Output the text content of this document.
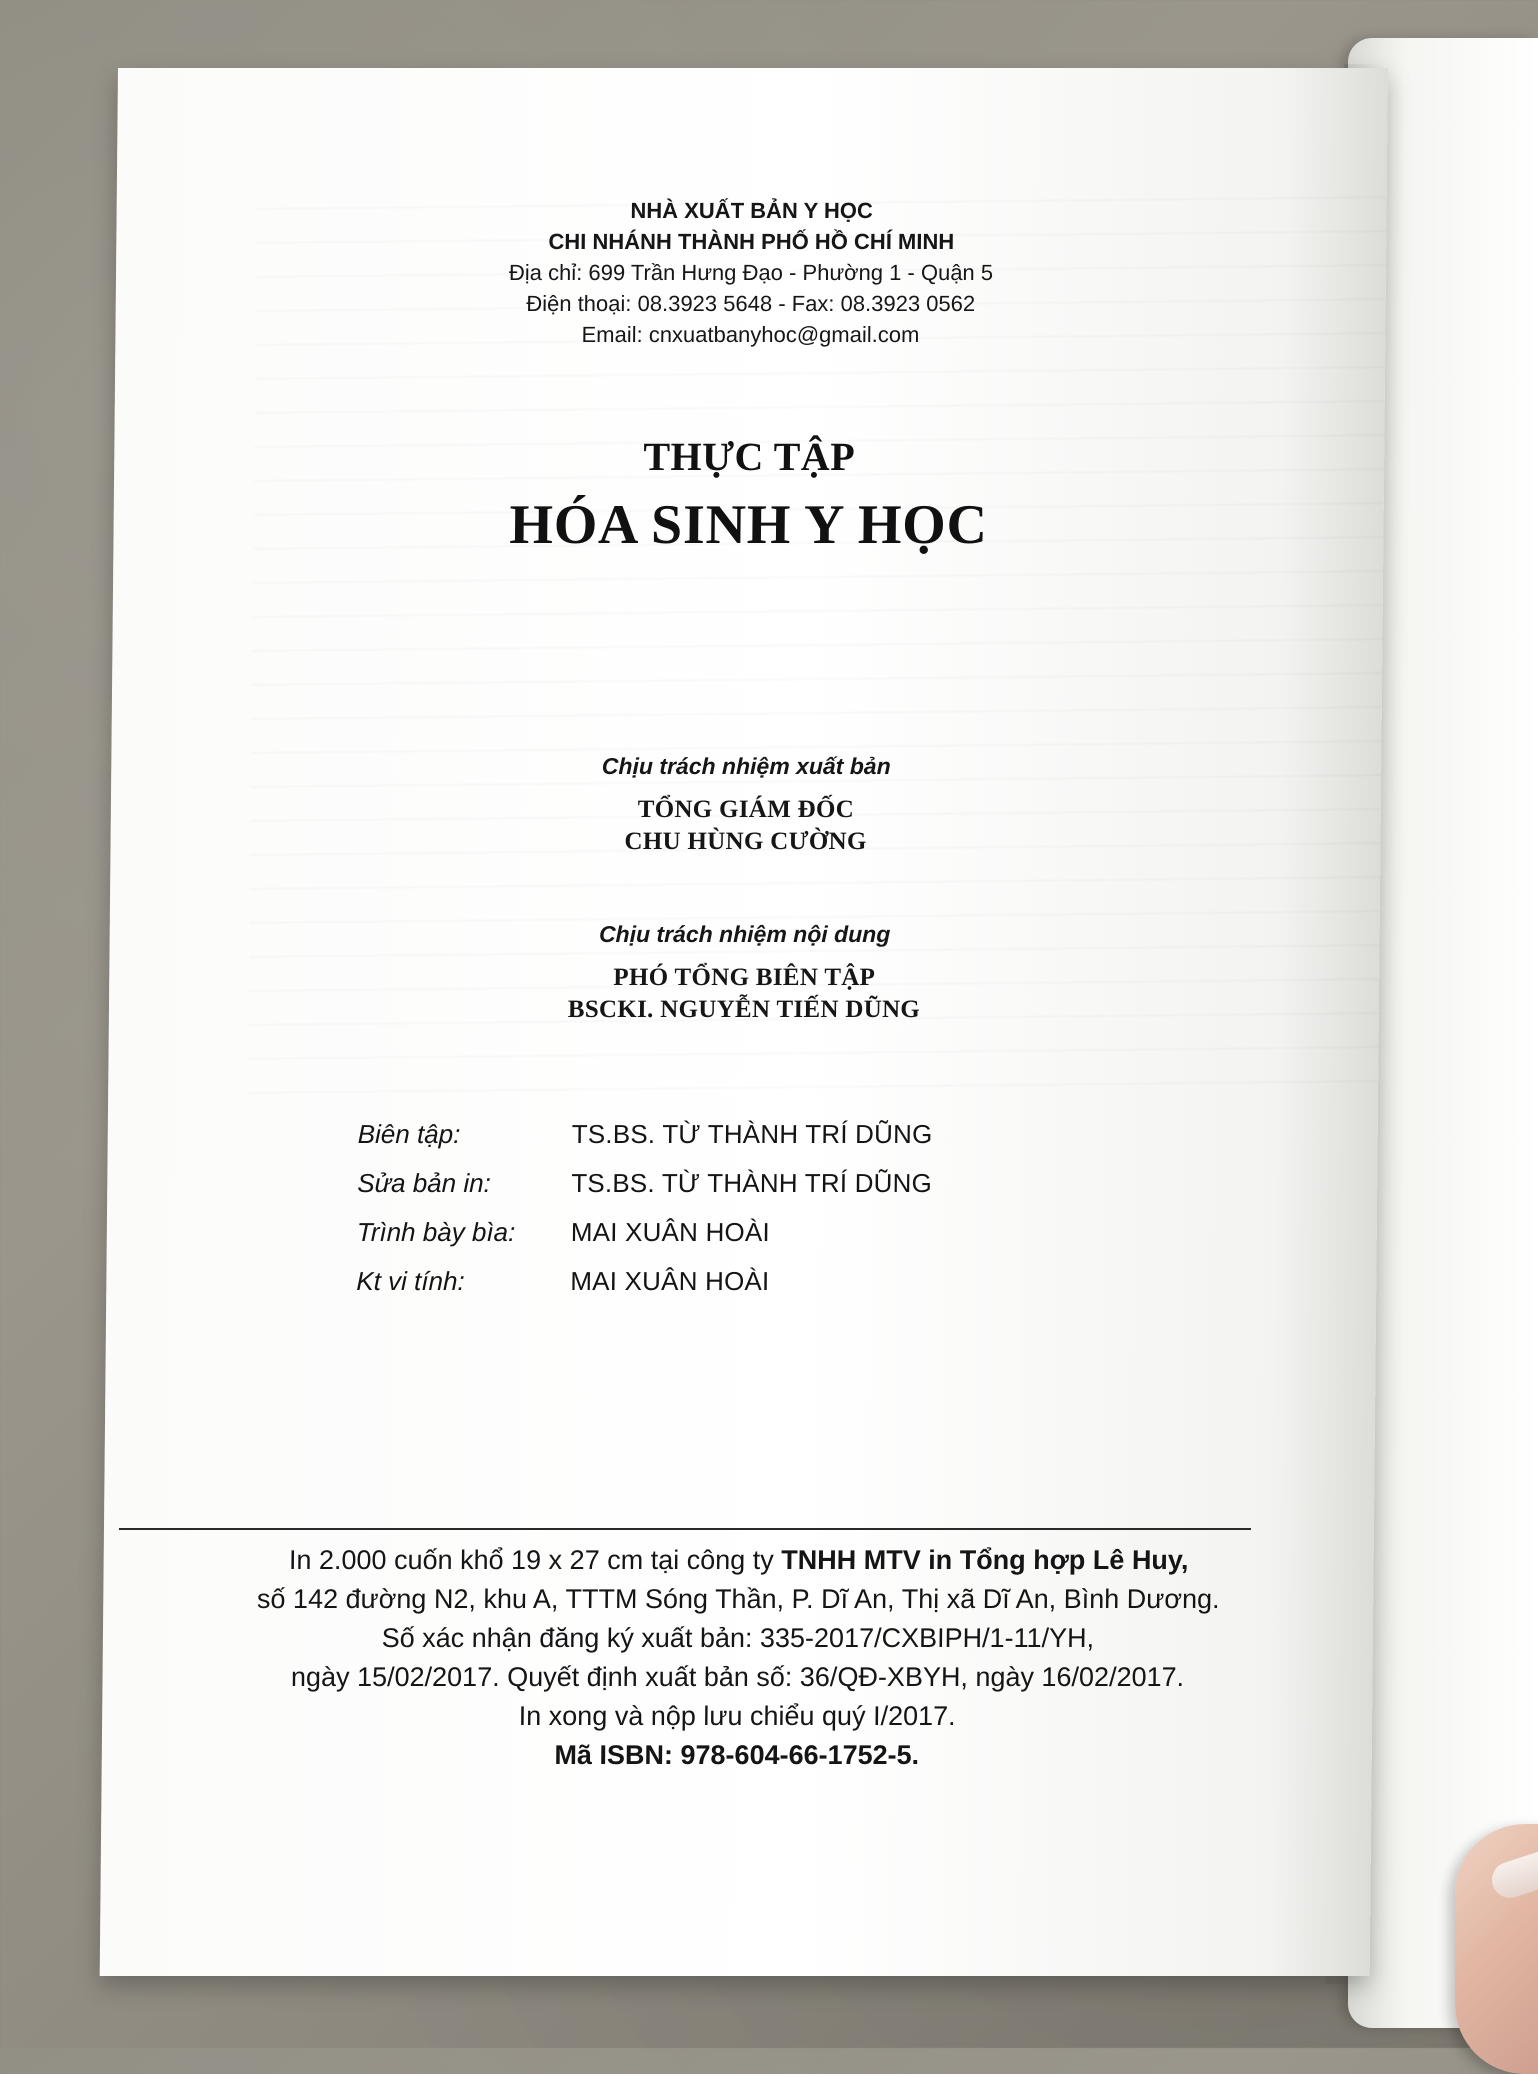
NHÀ XUẤT BẢN Y HỌC
CHI NHÁNH THÀNH PHỐ HỒ CHÍ MINH
Địa chỉ: 699 Trần Hưng Đạo - Phường 1 - Quận 5
Điện thoại: 08.3923 5648 - Fax: 08.3923 0562
Email: cnxuatbanyhoc@gmail.com
THỰC TẬP
HÓA SINH Y HỌC
Chịu trách nhiệm xuất bản
TỔNG GIÁM ĐỐC
CHU HÙNG CƯỜNG
Chịu trách nhiệm nội dung
PHÓ TỔNG BIÊN TẬP
BSCKI. NGUYỄN TIẾN DŨNG
Biên tập:	TS.BS. TỪ THÀNH TRÍ DŨNG
Sửa bản in:	TS.BS. TỪ THÀNH TRÍ DŨNG
Trình bày bìa:	MAI XUÂN HOÀI
Kt vi tính:	MAI XUÂN HOÀI
In 2.000 cuốn khổ 19 x 27 cm tại công ty TNHH MTV in Tổng hợp Lê Huy,
số 142 đường N2, khu A, TTTM Sóng Thần, P. Dĩ An, Thị xã Dĩ An, Bình Dương.
Số xác nhận đăng ký xuất bản: 335-2017/CXBIPH/1-11/YH,
ngày 15/02/2017. Quyết định xuất bản số: 36/QĐ-XBYH, ngày 16/02/2017.
In xong và nộp lưu chiểu quý I/2017.
Mã ISBN: 978-604-66-1752-5.
